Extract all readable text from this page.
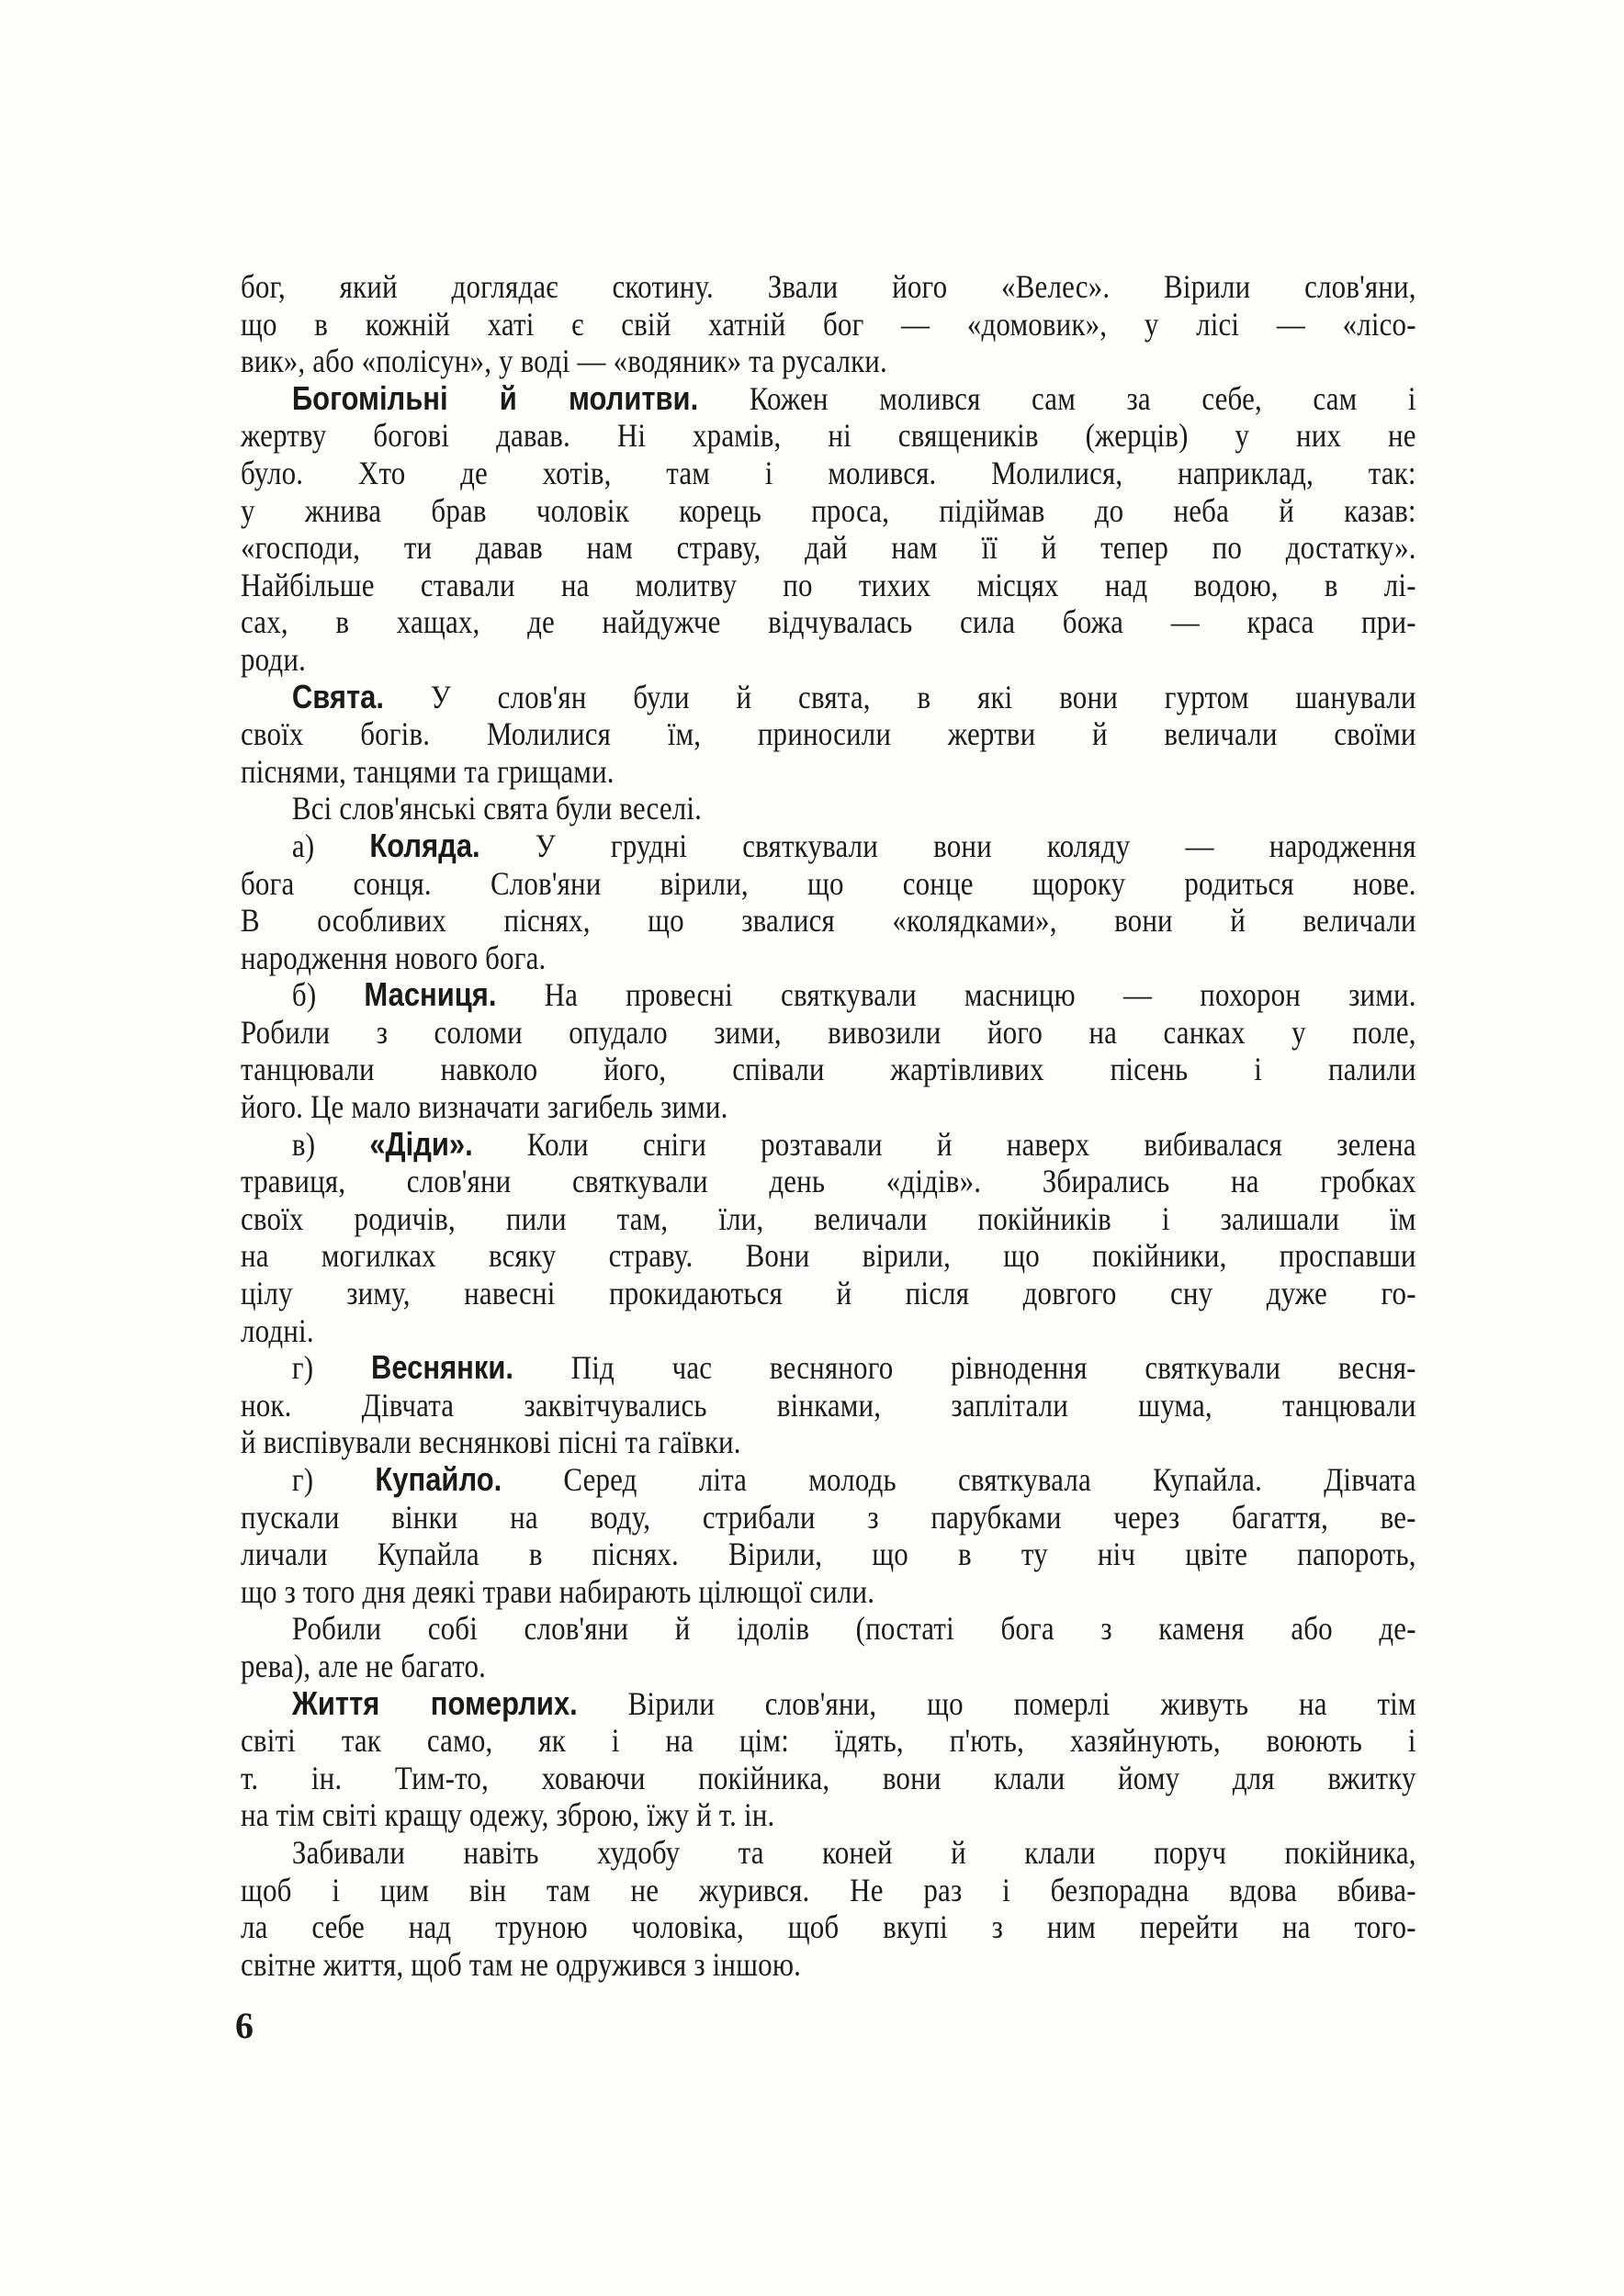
бог, який доглядає скотину. Звали його «Велес». Вірили слов'яни,
що в кожній хаті є свій хатній бог — «домовик», у лісі — «лісо-
вик», або «полісун», у воді — «водяник» та русалки.
Богомільні й молитви. Кожен молився сам за себе, сам і
жертву богові давав. Ні храмів, ні священиків (жерців) у них не
було. Хто де хотів, там і молився. Молилися, наприклад, так:
у жнива брав чоловік корець проса, підіймав до неба й казав:
«господи, ти давав нам страву, дай нам її й тепер по достатку».
Найбільше ставали на молитву по тихих місцях над водою, в лі-
сах, в хащах, де найдужче відчувалась сила божа — краса при-
роди.
Свята. У слов'ян були й свята, в які вони гуртом шанували
своїх богів. Молилися їм, приносили жертви й величали своїми
піснями, танцями та грищами.
Всі слов'янські свята були веселі.
а) Коляда. У грудні святкували вони коляду — народження
бога сонця. Слов'яни вірили, що сонце щороку родиться нове.
В особливих піснях, що звалися «колядками», вони й величали
народження нового бога.
б) Масниця. На провесні святкували масницю — похорон зими.
Робили з соломи опудало зими, вивозили його на санках у поле,
танцювали навколо його, співали жартівливих пісень і палили
його. Це мало визначати загибель зими.
в) «Діди». Коли сніги розтавали й наверх вибивалася зелена
травиця, слов'яни святкували день «дідів». Збирались на гробках
своїх родичів, пили там, їли, величали покійників і залишали їм
на могилках всяку страву. Вони вірили, що покійники, проспавши
цілу зиму, навесні прокидаються й після довгого сну дуже го-
лодні.
г) Веснянки. Під час весняного рівнодення святкували весня-
нок. Дівчата заквітчувались вінками, заплітали шума, танцювали
й виспівували веснянкові пісні та гаївки.
г) Купайло. Серед літа молодь святкувала Купайла. Дівчата
пускали вінки на воду, стрибали з парубками через багаття, ве-
личали Купайла в піснях. Вірили, що в ту ніч цвіте папороть,
що з того дня деякі трави набирають цілющої сили.
Робили собі слов'яни й ідолів (постаті бога з каменя або де-
рева), але не багато.
Життя померлих. Вірили слов'яни, що померлі живуть на тім
світі так само, як і на цім: їдять, п'ють, хазяйнують, воюють і
т. ін. Тим-то, ховаючи покійника, вони клали йому для вжитку
на тім світі кращу одежу, зброю, їжу й т. ін.
Забивали навіть худобу та коней й клали поруч покійника,
щоб і цим він там не журився. Не раз і безпорадна вдова вбива-
ла себе над труною чоловіка, щоб вкупі з ним перейти на того-
світне життя, щоб там не одружився з іншою.
6
